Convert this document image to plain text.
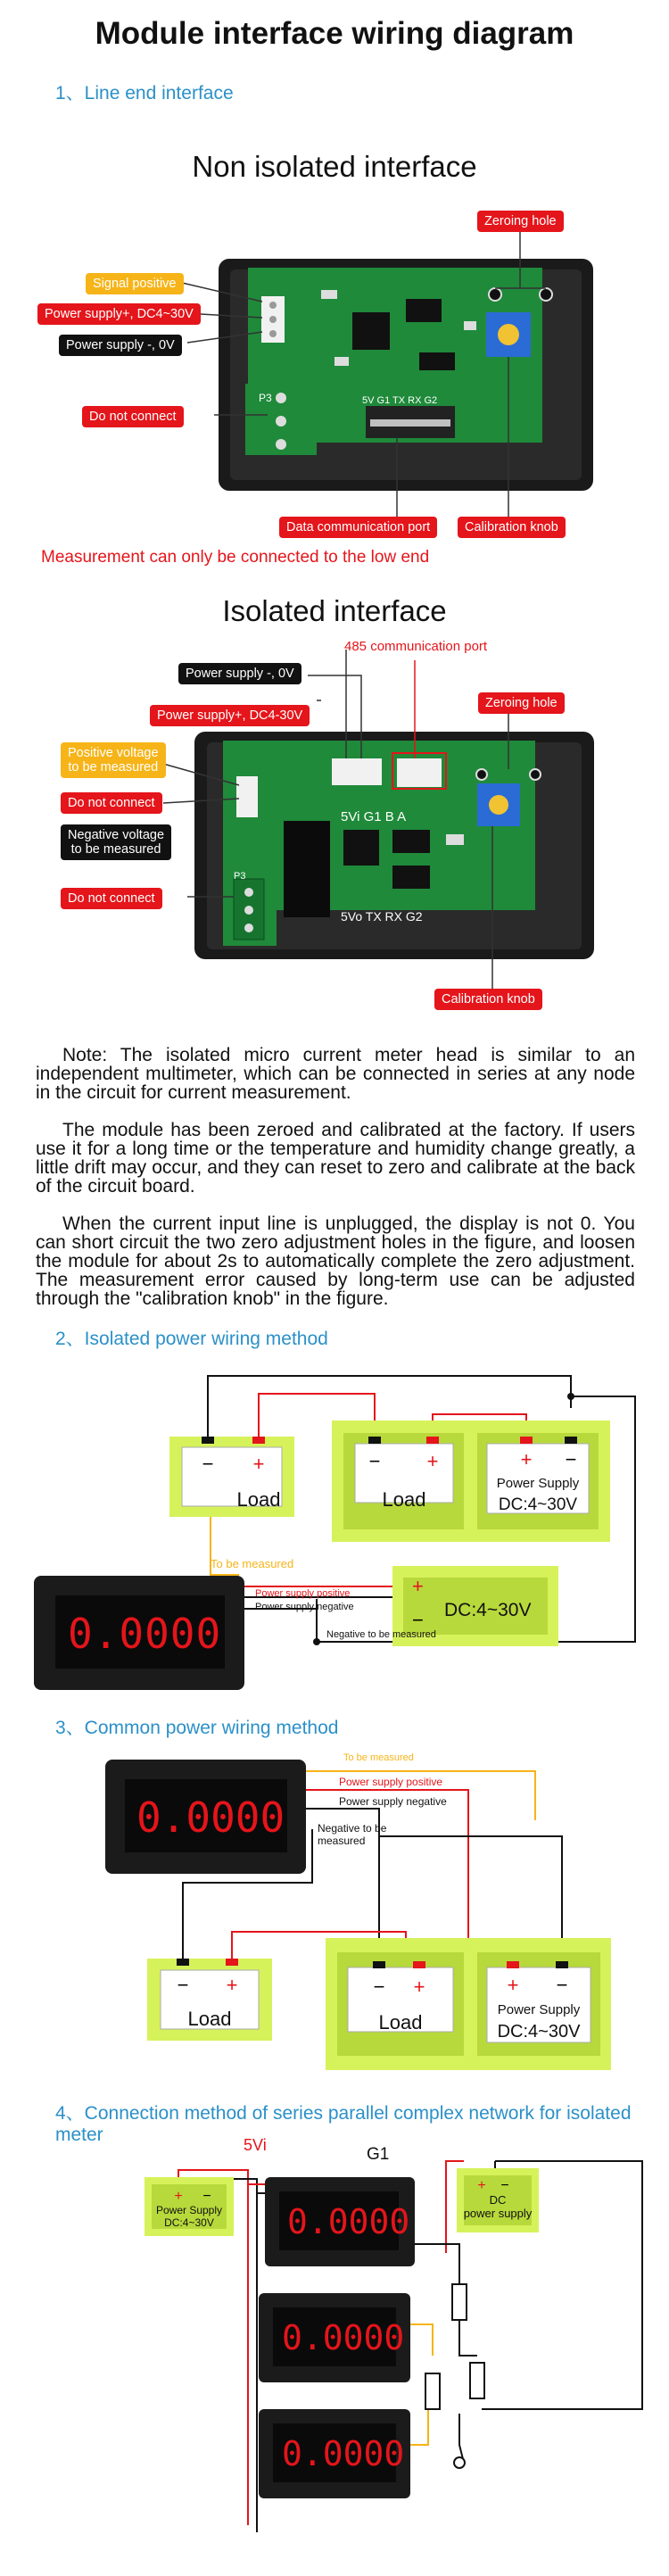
Module interface wiring diagram
1、Line end interface
Non isolated interface
P3	5V G1 TX RX G2
Signal positive
Power supply+, DC4~30V
Power supply -, 0V
Do not connect
Zeroing hole
Data communication port	Calibration knob
Measurement can only be connected to the low end
Isolated interface
P3
5Vi G1 B A
5Vo TX RX G2
485 communication port
Power supply -, 0V
Power supply+, DC4-30V
Zeroing hole
Positive voltage
to be measured
Do not connect
Negative voltage
to be measured
Do not connect
Calibration knob

Note: The isolated micro current meter head is similar to an independent multimeter, which can be connected in series at any node in the circuit for current measurement.

The module has been zeroed and calibrated at the factory. If users use it for a long time or the temperature and humidity change greatly, a little drift may occur, and they can reset to zero and calibrate at the back of the circuit board.

When the current input line is unplugged, the display is not 0. You can short circuit the two zero adjustment holes in the figure, and loosen the module for about 2s to automatically complete the zero adjustment. The measurement error caused by long-term use can be adjusted through the "calibration knob" in the figure.

2、Isolated power wiring method
− +	− +	+ −
+
−
Load	Load
Power Supply
DC:4~30V
DC:4~30V
0.0000
To be measured
Power supply positive
Power supply negative
Negative to be measured
3、Common power wiring method
− +	− +	+ −
0.0000
To be measured
Power supply positive
Power supply negative
Negative to be
measured
Load	Load
Power Supply
DC:4~30V
4、Connection method of series parallel complex network for isolated
meter
+ −
+ −
5Vi	G1
Power Supply
DC:4~30V
DC
power supply
0.0000
0.0000
0.0000
